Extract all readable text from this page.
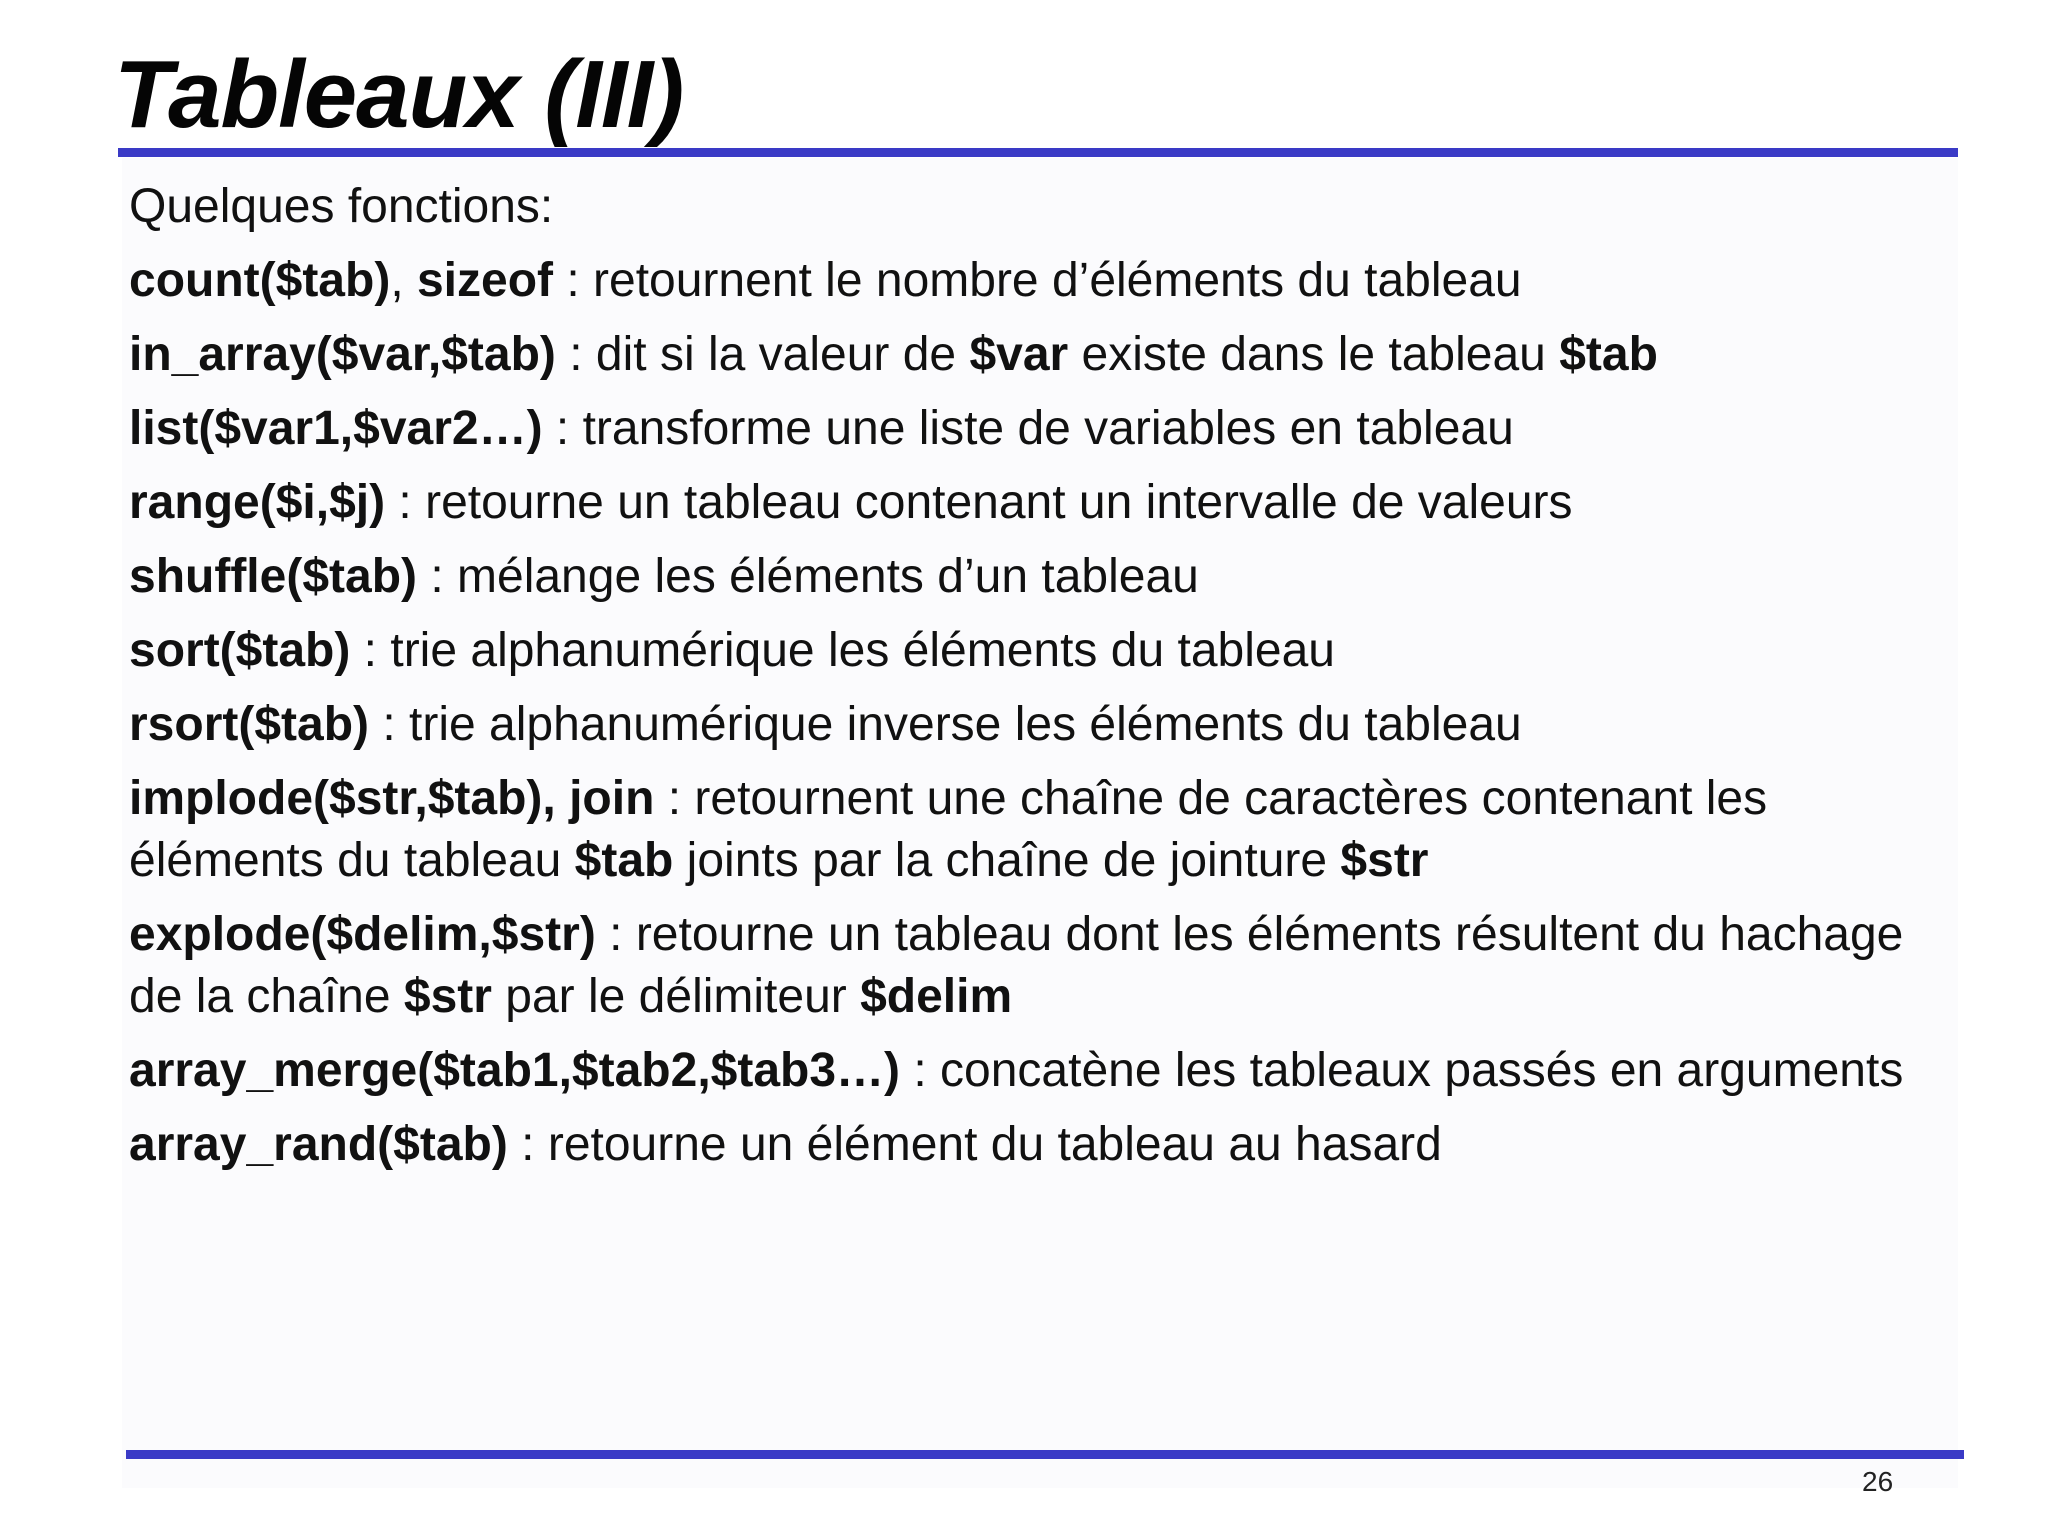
Tableaux (III)

Quelques fonctions:

count($tab), sizeof : retournent le nombre d’éléments du tableau

in_array($var,$tab) : dit si la valeur de $var existe dans le tableau $tab

list($var1,$var2…) : transforme une liste de variables en tableau

range($i,$j) : retourne un tableau contenant un intervalle de valeurs

shuffle($tab) : mélange les éléments d’un tableau

sort($tab) : trie alphanumérique les éléments du tableau

rsort($tab) : trie alphanumérique inverse les éléments du tableau

implode($str,$tab), join : retournent une chaîne de caractères contenant les éléments du tableau $tab joints par la chaîne de jointure $str

explode($delim,$str) : retourne un tableau dont les éléments résultent du hachage de la chaîne $str par le délimiteur $delim

array_merge($tab1,$tab2,$tab3…) : concatène les tableaux passés en arguments

array_rand($tab) : retourne un élément du tableau au hasard

26
